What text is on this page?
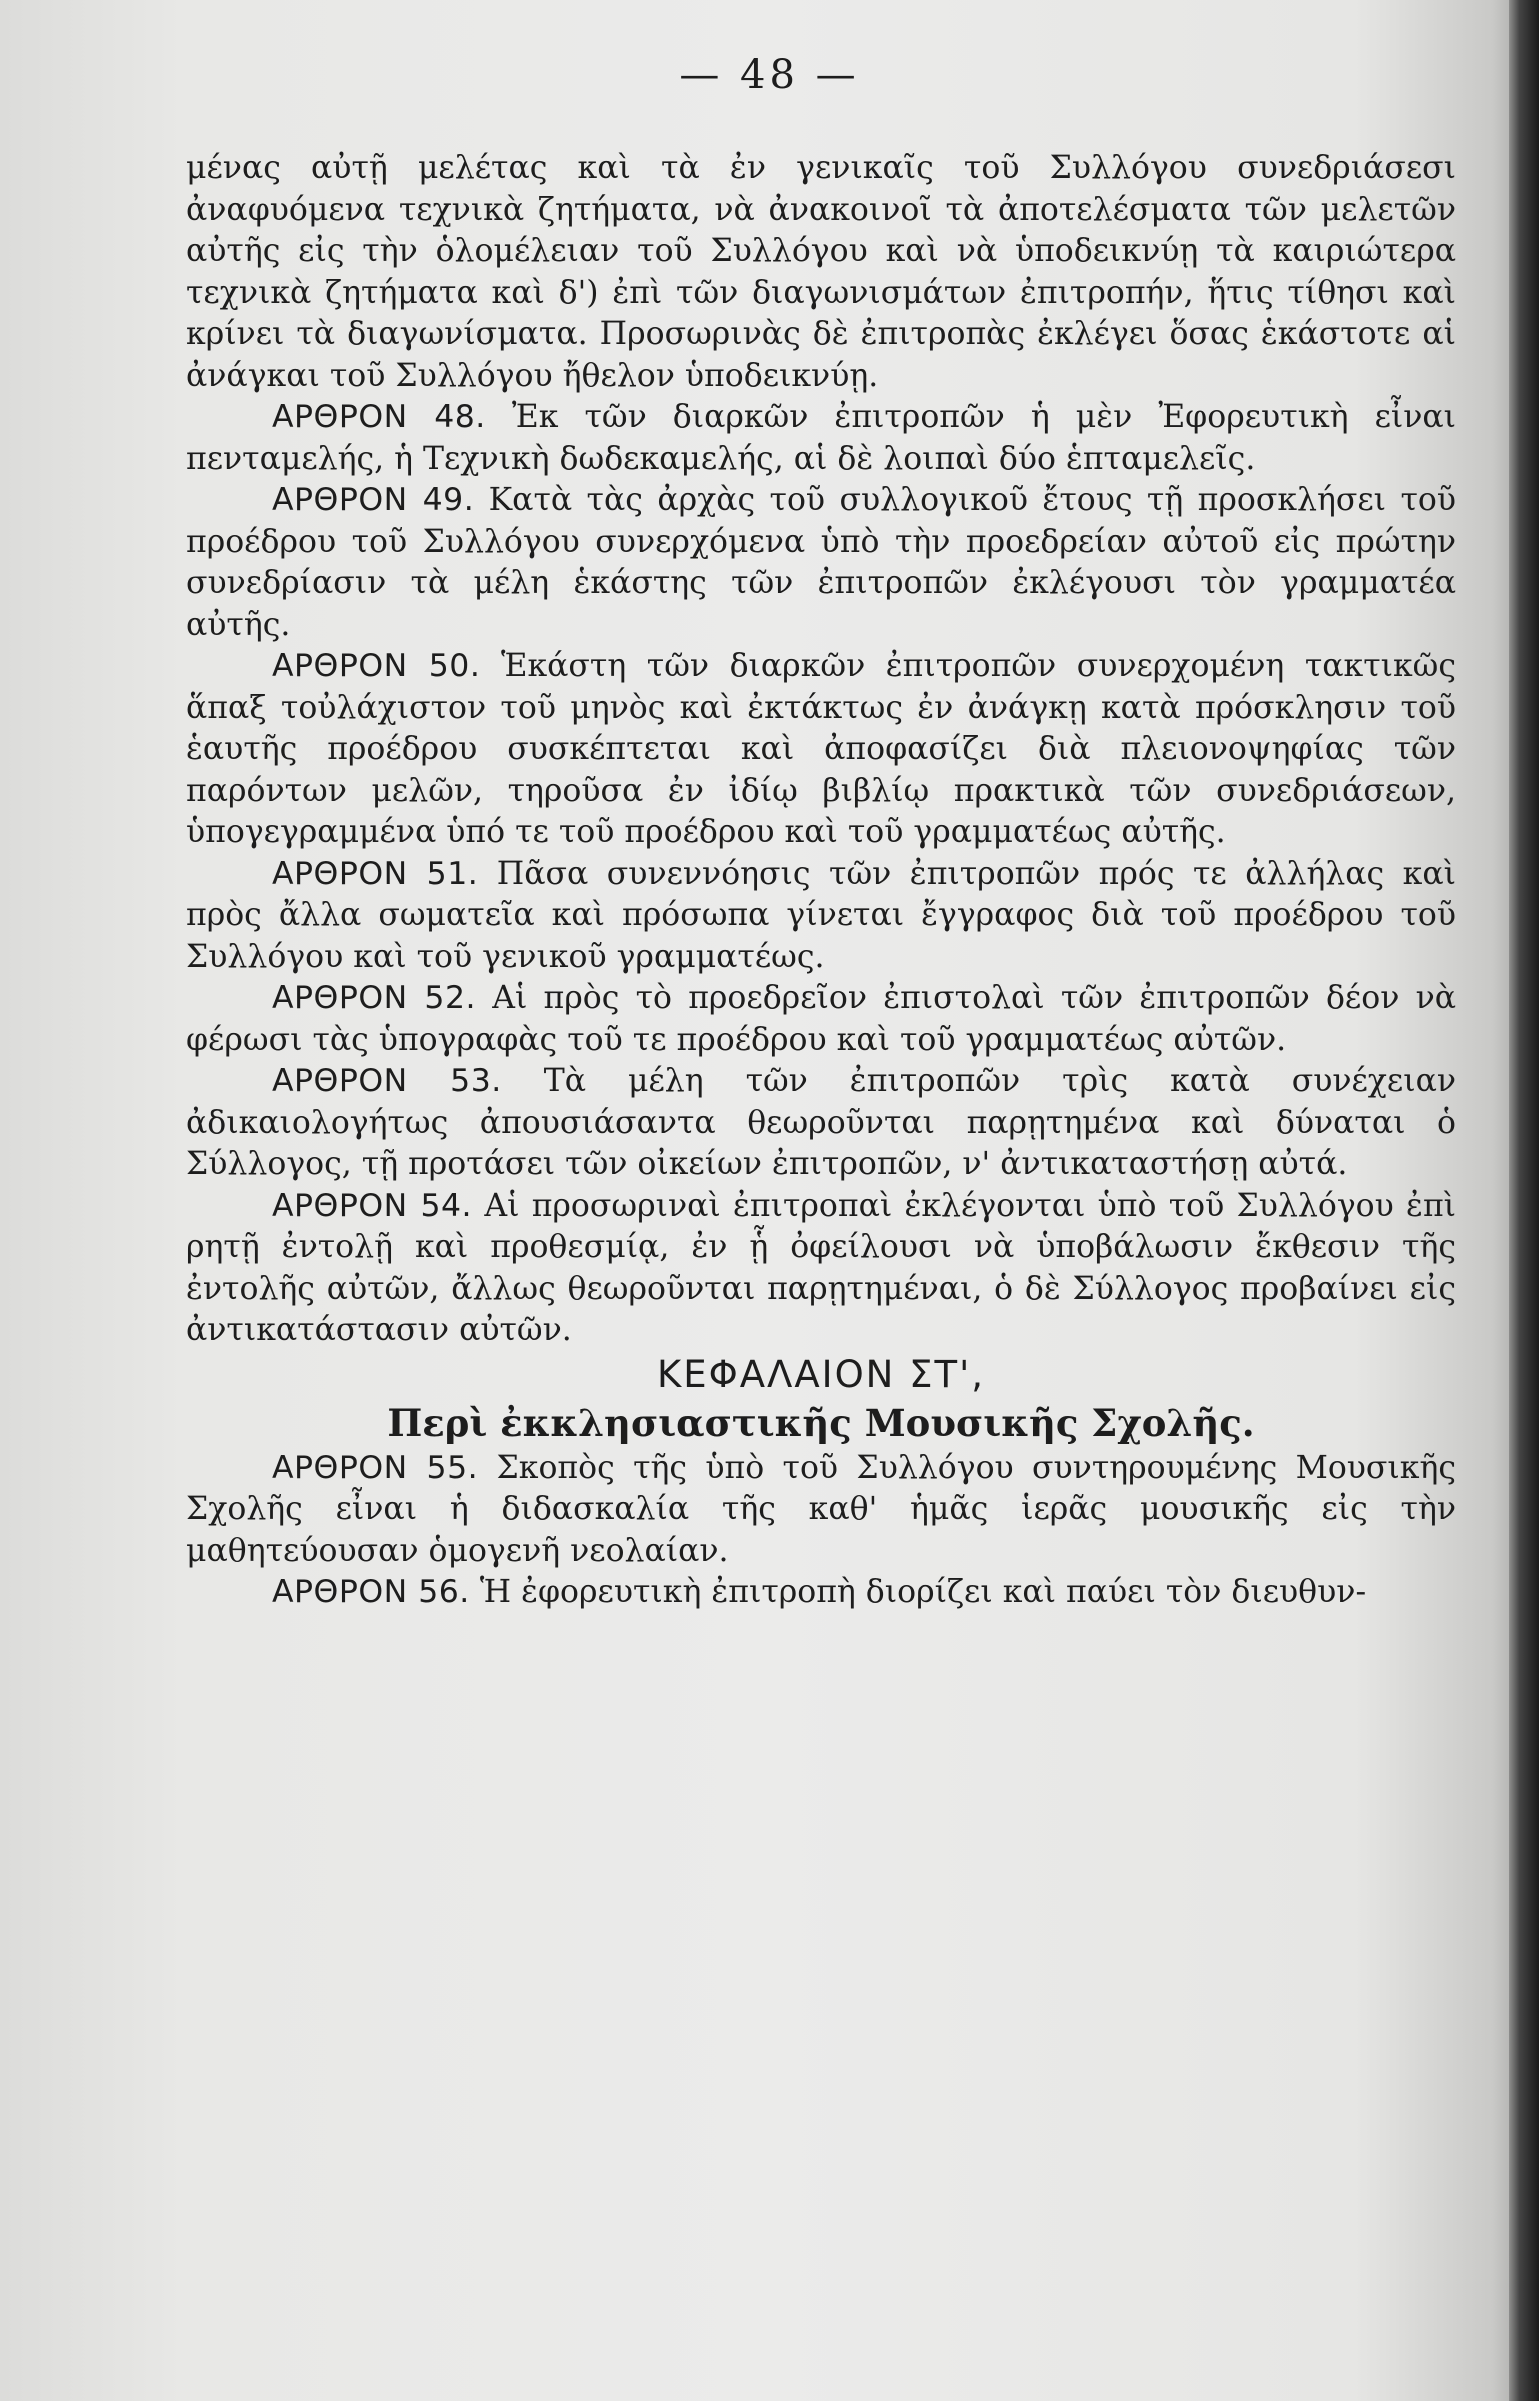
— 48 —

μένας αὐτῇ μελέτας καὶ τὰ ἐν γενικαῖς τοῦ Συλλόγου συνεδριάσεσι ἀναφυόμενα τεχνικὰ ζητήματα, νὰ ἀνακοινοῖ τὰ ἀποτελέσματα τῶν μελετῶν αὐτῆς εἰς τὴν ὁλομέλειαν τοῦ Συλλόγου καὶ νὰ ὑποδεικνύῃ τὰ καιριώτερα τεχνικὰ ζητήματα καὶ δ') ἐπὶ τῶν διαγωνισμάτων ἐπιτροπήν, ἥτις τίθησι καὶ κρίνει τὰ διαγωνίσματα. Προσωρινὰς δὲ ἐπιτροπὰς ἐκλέγει ὅσας ἑκάστοτε αἱ ἀνάγκαι τοῦ Συλλόγου ἤθελον ὑποδεικνύῃ.

ΑΡΘΡΟΝ 48. Ἐκ τῶν διαρκῶν ἐπιτροπῶν ἡ μὲν Ἐφορευτικὴ εἶναι πενταμελής, ἡ Τεχνικὴ δωδεκαμελής, αἱ δὲ λοιπαὶ δύο ἑπταμελεῖς.

ΑΡΘΡΟΝ 49. Κατὰ τὰς ἀρχὰς τοῦ συλλογικοῦ ἔτους τῇ προσκλήσει τοῦ προέδρου τοῦ Συλλόγου συνερχόμενα ὑπὸ τὴν προεδρείαν αὐτοῦ εἰς πρώτην συνεδρίασιν τὰ μέλη ἑκάστης τῶν ἐπιτροπῶν ἐκλέγουσι τὸν γραμματέα αὐτῆς.

ΑΡΘΡΟΝ 50. Ἑκάστη τῶν διαρκῶν ἐπιτροπῶν συνερχομένη τακτικῶς ἅπαξ τοὐλάχιστον τοῦ μηνὸς καὶ ἐκτάκτως ἐν ἀνάγκῃ κατὰ πρόσκλησιν τοῦ ἑαυτῆς προέδρου συσκέπτεται καὶ ἀποφασίζει διὰ πλειονοψηφίας τῶν παρόντων μελῶν, τηροῦσα ἐν ἰδίῳ βιβλίῳ πρακτικὰ τῶν συνεδριάσεων, ὑπογεγραμμένα ὑπό τε τοῦ προέδρου καὶ τοῦ γραμματέως αὐτῆς.

ΑΡΘΡΟΝ 51. Πᾶσα συνεννόησις τῶν ἐπιτροπῶν πρός τε ἀλλήλας καὶ πρὸς ἄλλα σωματεῖα καὶ πρόσωπα γίνεται ἔγγραφος διὰ τοῦ προέδρου τοῦ Συλλόγου καὶ τοῦ γενικοῦ γραμματέως.

ΑΡΘΡΟΝ 52. Αἱ πρὸς τὸ προεδρεῖον ἐπιστολαὶ τῶν ἐπιτροπῶν δέον νὰ φέρωσι τὰς ὑπογραφὰς τοῦ τε προέδρου καὶ τοῦ γραμματέως αὐτῶν.

ΑΡΘΡΟΝ 53. Τὰ μέλη τῶν ἐπιτροπῶν τρὶς κατὰ συνέχειαν ἀδικαιολογήτως ἀπουσιάσαντα θεωροῦνται παρῃτημένα καὶ δύναται ὁ Σύλλογος, τῇ προτάσει τῶν οἰκείων ἐπιτροπῶν, ν' ἀντικαταστήσῃ αὐτά.

ΑΡΘΡΟΝ 54. Αἱ προσωριναὶ ἐπιτροπαὶ ἐκλέγονται ὑπὸ τοῦ Συλλόγου ἐπὶ ρητῇ ἐντολῇ καὶ προθεσμίᾳ, ἐν ᾗ ὀφείλουσι νὰ ὑποβάλωσιν ἔκθεσιν τῆς ἐντολῆς αὐτῶν, ἄλλως θεωροῦνται παρῃτημέναι, ὁ δὲ Σύλλογος προβαίνει εἰς ἀντικατάστασιν αὐτῶν.

ΚΕΦΑΛΑΙΟΝ ΣΤ',

Περὶ ἐκκλησιαστικῆς Μουσικῆς Σχολῆς.

ΑΡΘΡΟΝ 55. Σκοπὸς τῆς ὑπὸ τοῦ Συλλόγου συντηρουμένης Μουσικῆς Σχολῆς εἶναι ἡ διδασκαλία τῆς καθ' ἡμᾶς ἱερᾶς μουσικῆς εἰς τὴν μαθητεύουσαν ὁμογενῆ νεολαίαν.

ΑΡΘΡΟΝ 56. Ἡ ἐφορευτικὴ ἐπιτροπὴ διορίζει καὶ παύει τὸν διευθυν-
